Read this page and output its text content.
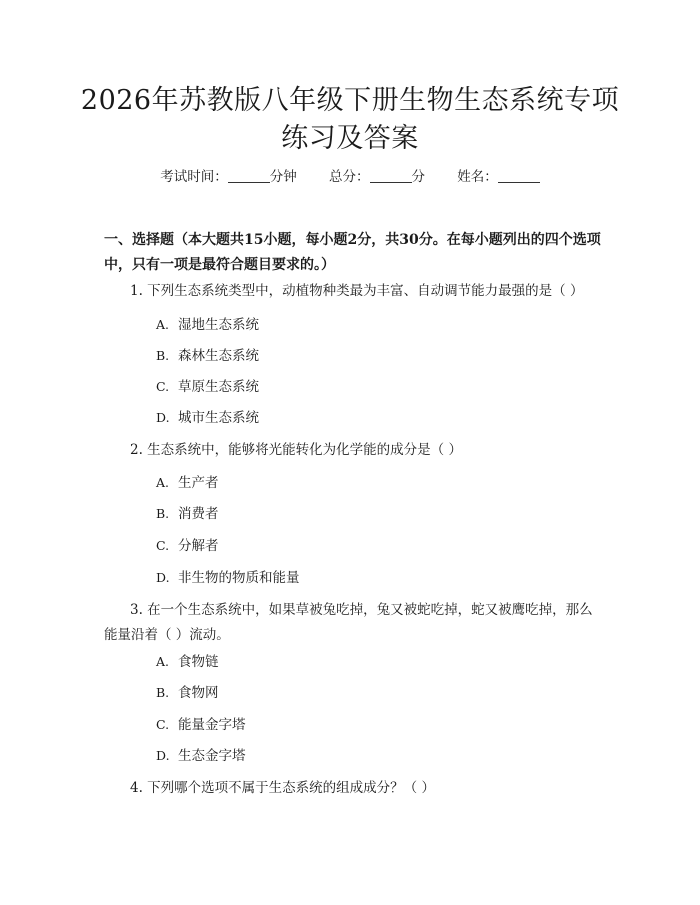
2026年苏教版八年级下册生物生态系统专项
练习及答案
考试时间：	分钟 总分：	分 姓名：
一、选择题（本大题共15小题，每小题2分，共30分。在每小题列出的四个选项中，只有一项是最符合题目要求的。）
1. 下列生态系统类型中，动植物种类最为丰富、自动调节能力最强的是（ ）
A. 湿地生态系统
B. 森林生态系统
C. 草原生态系统
D. 城市生态系统
2. 生态系统中，能够将光能转化为化学能的成分是（ ）
A. 生产者
B. 消费者
C. 分解者
D. 非生物的物质和能量
3. 在一个生态系统中，如果草被兔吃掉，兔又被蛇吃掉，蛇又被鹰吃掉，那么能量沿着（ ）流动。
A. 食物链
B. 食物网
C. 能量金字塔
D. 生态金字塔
4. 下列哪个选项不属于生态系统的组成成分？（ ）
